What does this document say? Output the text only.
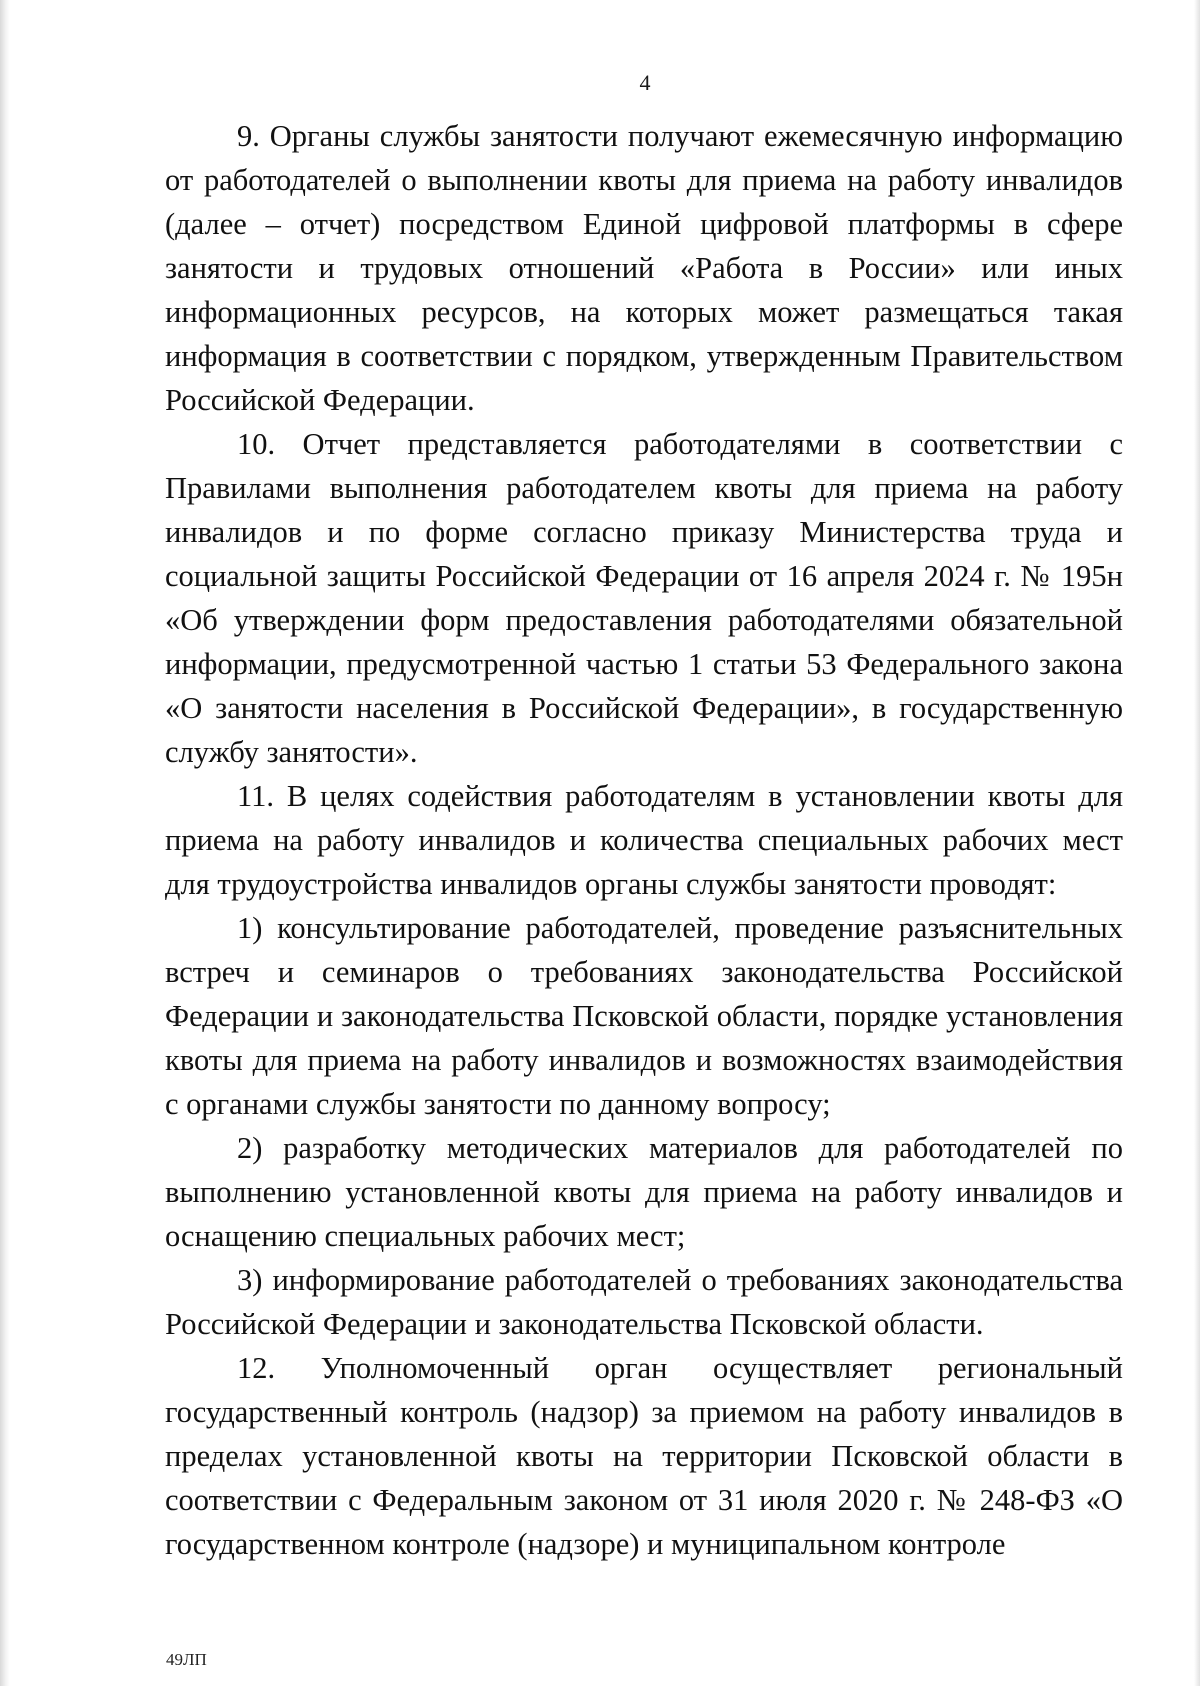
4

9. Органы службы занятости получают ежемесячную информацию от работодателей о выполнении квоты для приема на работу инвалидов (далее – отчет) посредством Единой цифровой платформы в сфере занятости и трудовых отношений «Работа в России» или иных информационных ресурсов, на которых может размещаться такая информация в соответствии с порядком, утвержденным Правительством Российской Федерации.

10. Отчет представляется работодателями в соответствии с Правилами выполнения работодателем квоты для приема на работу инвалидов и по форме согласно приказу Министерства труда и социальной защиты Российской Федерации от 16 апреля 2024 г. № 195н «Об утверждении форм предоставления работодателями обязательной информации, предусмотренной частью 1 статьи 53 Федерального закона «О занятости населения в Российской Федерации», в государственную службу занятости».

11. В целях содействия работодателям в установлении квоты для приема на работу инвалидов и количества специальных рабочих мест для трудоустройства инвалидов органы службы занятости проводят:

1) консультирование работодателей, проведение разъяснительных встреч и семинаров о требованиях законодательства Российской Федерации и законодательства Псковской области, порядке установления квоты для приема на работу инвалидов и возможностях взаимодействия с органами службы занятости по данному вопросу;

2) разработку методических материалов для работодателей по выполнению установленной квоты для приема на работу инвалидов и оснащению специальных рабочих мест;

3) информирование работодателей о требованиях законодательства Российской Федерации и законодательства Псковской области.

12. Уполномоченный орган осуществляет региональный государственный контроль (надзор) за приемом на работу инвалидов в пределах установленной квоты на территории Псковской области в соответствии с Федеральным законом от 31 июля 2020 г. № 248-ФЗ «О государственном контроле (надзоре) и муниципальном контроле

49ЛП
